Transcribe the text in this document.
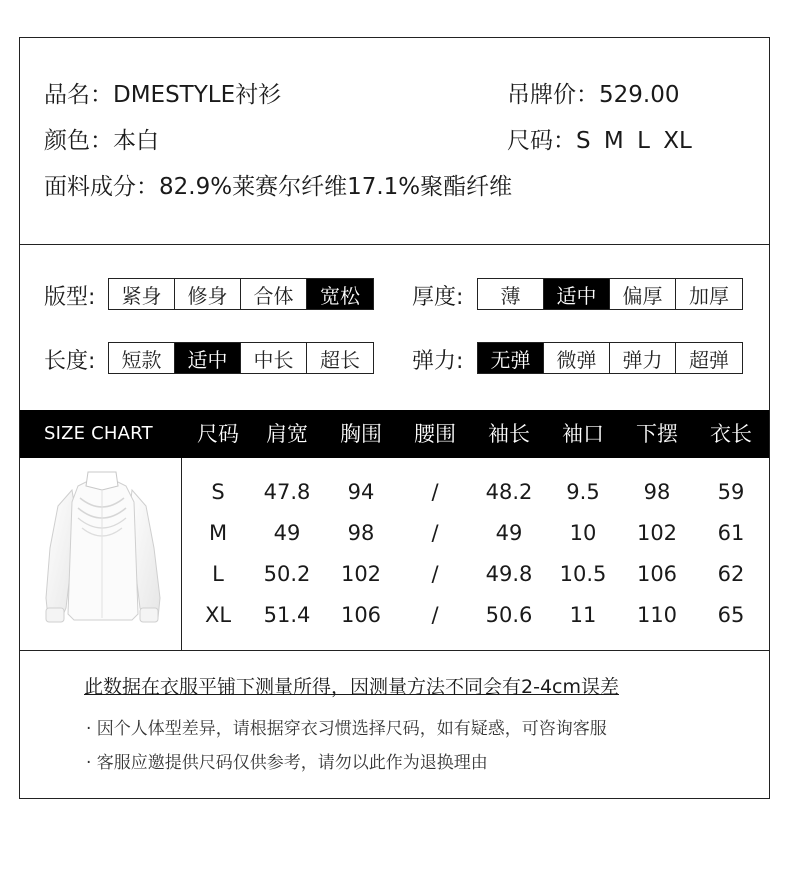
品名：DMESTYLE衬衫	吊牌价：529.00
颜色：本白	尺码：S M L XL
面料成分：82.9%莱赛尔纤维17.1%聚酯纤维
版型:	紧身	修身	合体	宽松	厚度:	薄	适中	偏厚	加厚
长度:	短款	适中	中长	超长	弹力:	无弹	微弹	弹力	超弹
SIZE CHART 尺码 肩宽 胸围 腰围 袖长 袖口 下摆 衣长
S 47.8 94	/ 48.2 9.5 98 59
M 49 98	/	49 10 102 61
L 50.2 102 / 49.8 10.5 106 62
XL 51.4 106 / 50.6 11 110 65
此数据在衣服平铺下测量所得，因测量方法不同会有2-4cm误差
· 因个人体型差异，请根据穿衣习惯选择尺码，如有疑惑，可咨询客服
· 客服应邀提供尺码仅供参考，请勿以此作为退换理由
